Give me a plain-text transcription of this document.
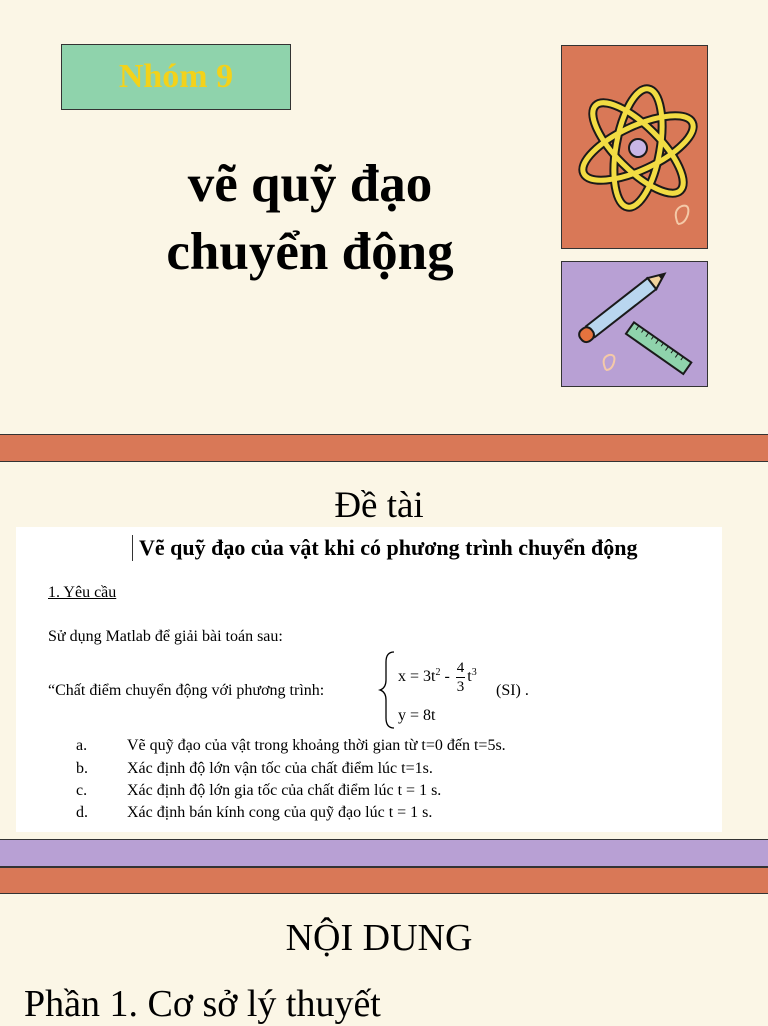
Nhóm 9
vẽ quỹ đạo
chuyển động
Đề tài
Vẽ quỹ đạo của vật khi có phương trình chuyển động
1. Yêu cầu
Sử dụng Matlab để giải bài toán sau:
“Chất điểm chuyển động với phương trình:
$x = 3t^2 - \frac{4}{3} t^3$
(SI) .
y = 8t
a. Vẽ quỹ đạo của vật trong khoảng thời gian từ t=0 đến t=5s.
b. Xác định độ lớn vận tốc của chất điểm lúc t=1s.
c. Xác định độ lớn gia tốc của chất điểm lúc t = 1 s.
d. Xác định bán kính cong của quỹ đạo lúc t = 1 s.
NỘI DUNG
Phần 1. Cơ sở lý thuyết
